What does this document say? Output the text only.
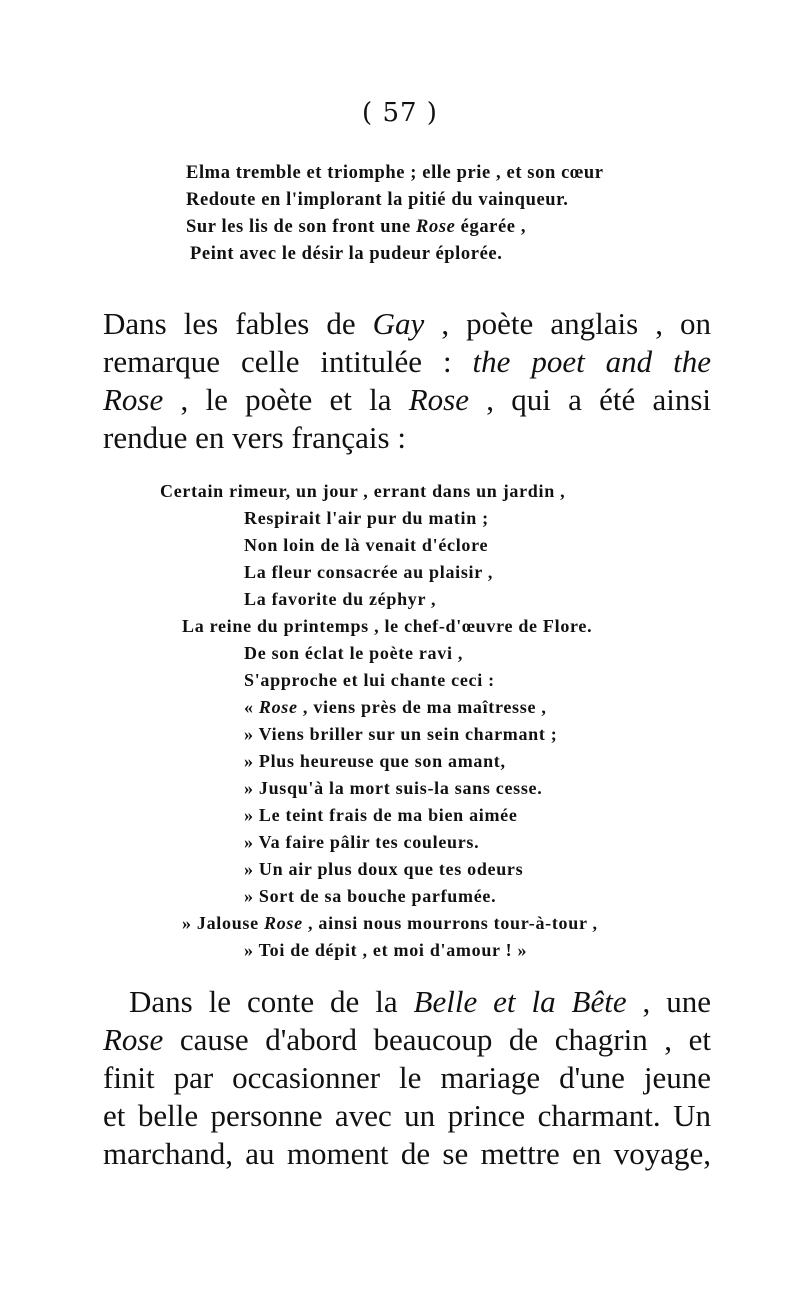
( 57 )
Elma tremble et triomphe ; elle prie , et son cœur
Redoute en l'implorant la pitié du vainqueur.
Sur les lis de son front une Rose égarée ,
Peint avec le désir la pudeur éplorée.
Dans les fables de Gay , poète anglais , on
remarque celle intitulée : the poet and the
Rose , le poète et la Rose , qui a été ainsi
rendue en vers français :
Certain rimeur, un jour , errant dans un jardin ,
Respirait l'air pur du matin ;
Non loin de là venait d'éclore
La fleur consacrée au plaisir ,
La favorite du zéphyr ,
La reine du printemps , le chef-d'œuvre de Flore.
De son éclat le poète ravi ,
S'approche et lui chante ceci :
« Rose , viens près de ma maîtresse ,
» Viens briller sur un sein charmant ;
» Plus heureuse que son amant,
» Jusqu'à la mort suis-la sans cesse.
» Le teint frais de ma bien aimée
» Va faire pâlir tes couleurs.
» Un air plus doux que tes odeurs
» Sort de sa bouche parfumée.
» Jalouse Rose , ainsi nous mourrons tour-à-tour ,
» Toi de dépit , et moi d'amour ! »
Dans le conte de la Belle et la Bête , une
Rose cause d'abord beaucoup de chagrin , et
finit par occasionner le mariage d'une jeune
et belle personne avec un prince charmant. Un
marchand, au moment de se mettre en voyage,
